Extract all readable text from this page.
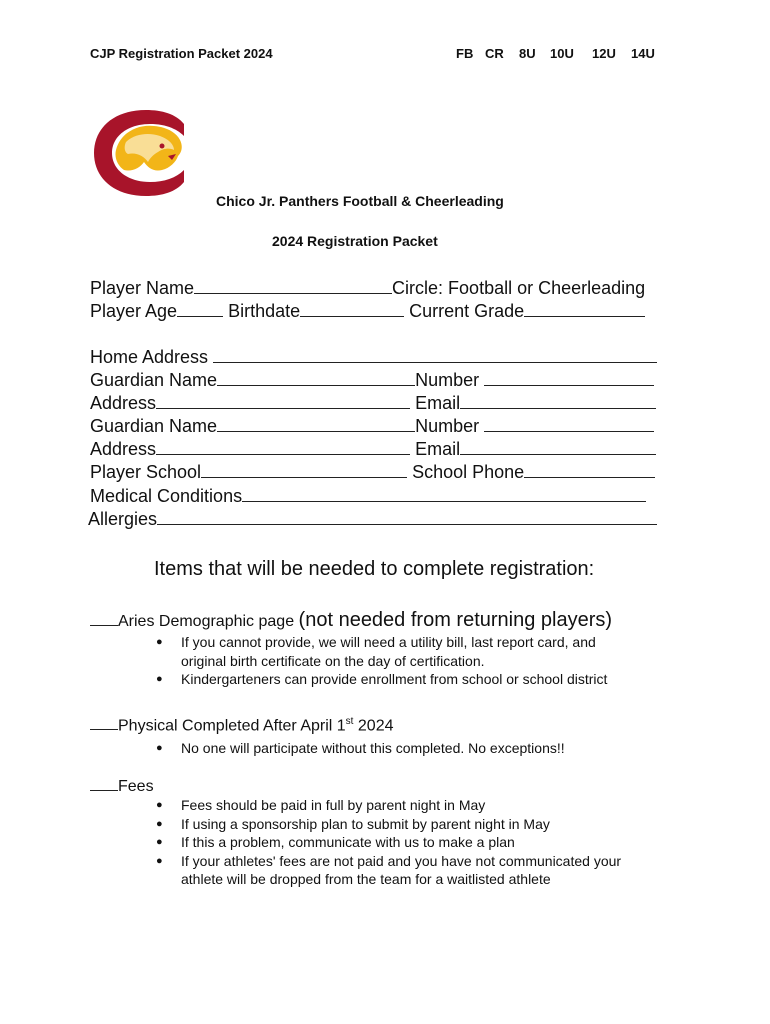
CJP Registration Packet 2024	FB CR 8U 10U 12U 14U
Chico Jr. Panthers Football & Cheerleading
2024 Registration Packet
Player Name	Circle: Football or Cheerleading
Player Age	Birthdate	Current Grade
Home Address
Guardian Name	Number
Address	Email
Guardian Name	Number
Address	Email
Player School	School Phone
Medical Conditions
Allergies
Items that will be needed to complete registration:
Aries Demographic page (not needed from returning players)
● If you cannot provide, we will need a utility bill, last report card, and
original birth certificate on the day of certification.
● Kindergarteners can provide enrollment from school or school district
Physical Completed After April 1st 2024
● No one will participate without this completed. No exceptions!!
Fees
● Fees should be paid in full by parent night in May
● If using a sponsorship plan to submit by parent night in May
● If this a problem, communicate with us to make a plan
● If your athletes' fees are not paid and you have not communicated your
athlete will be dropped from the team for a waitlisted athlete
